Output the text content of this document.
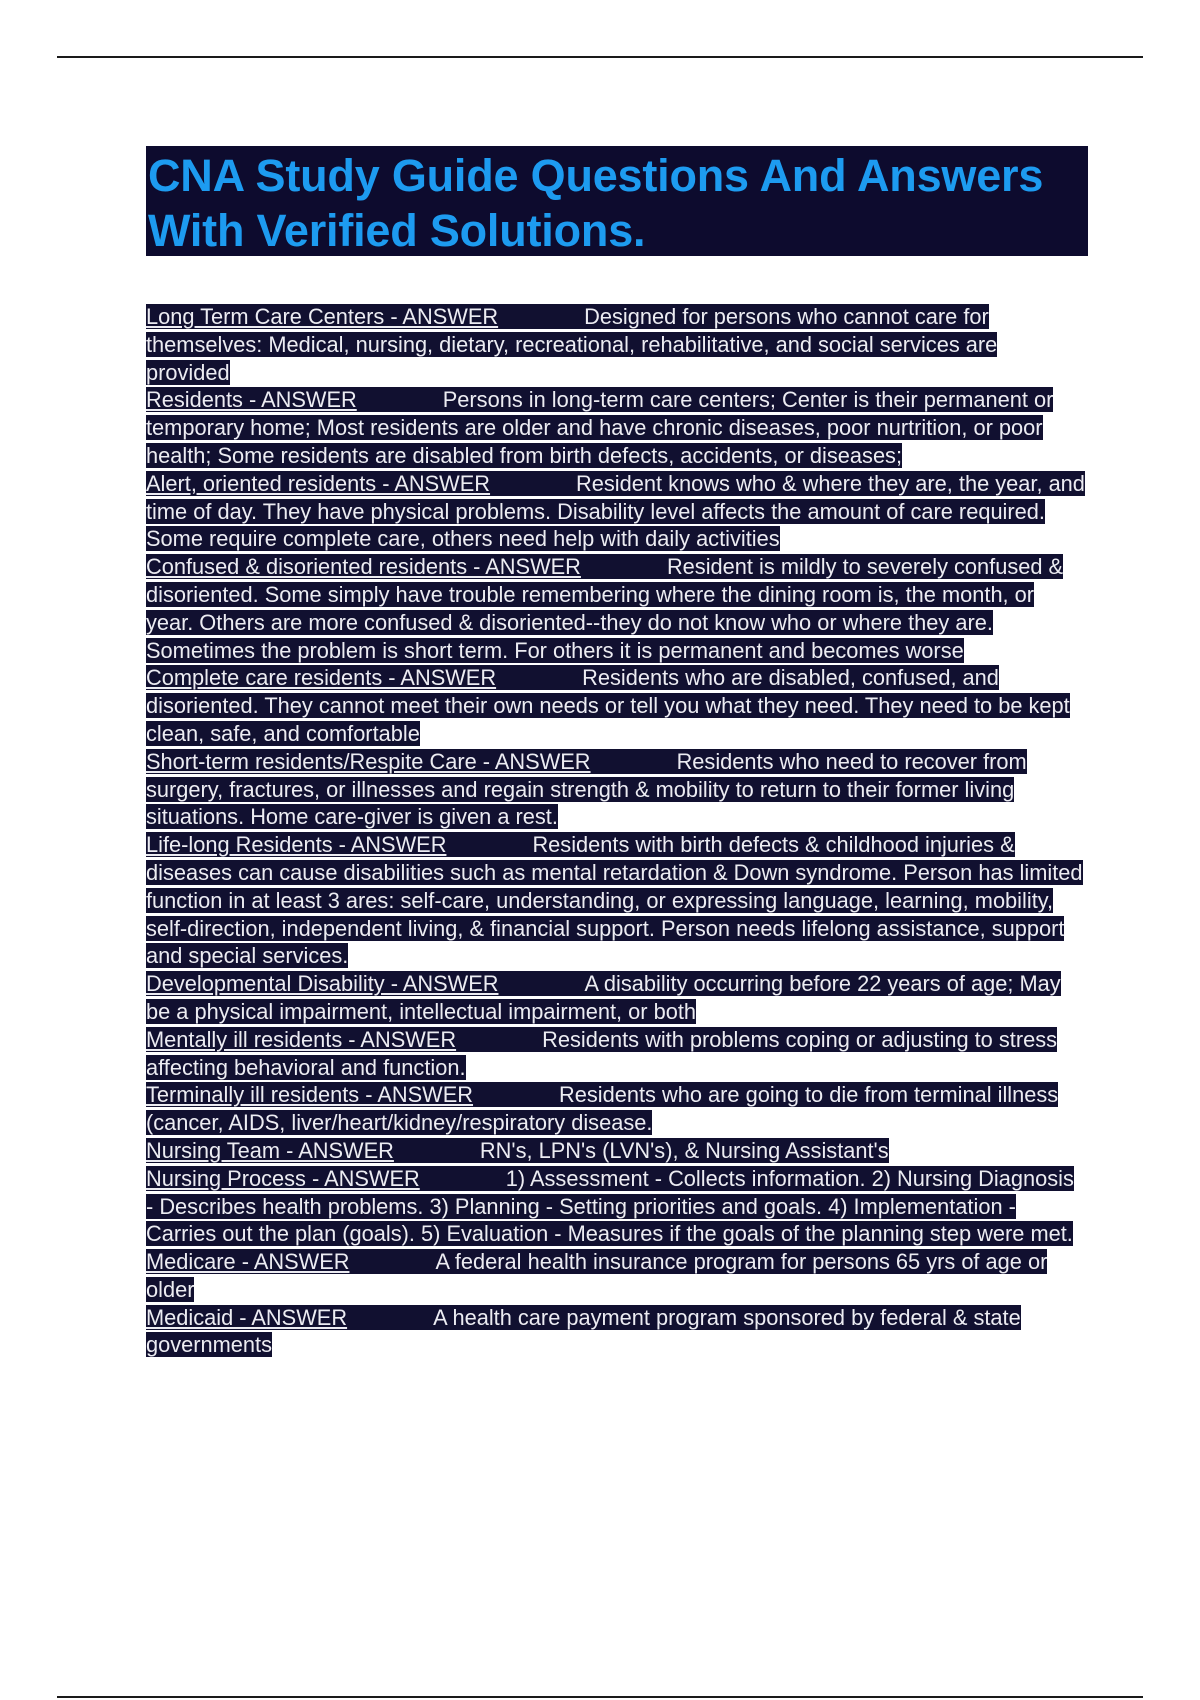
CNA Study Guide Questions And Answers With Verified Solutions.

Long Term Care Centers - ANSWER	Designed for persons who cannot care for themselves: Medical, nursing, dietary, recreational, rehabilitative, and social services are provided

Residents - ANSWER	Persons in long-term care centers; Center is their permanent or temporary home; Most residents are older and have chronic diseases, poor nurtrition, or poor health; Some residents are disabled from birth defects, accidents, or diseases;

Alert, oriented residents - ANSWER	Resident knows who & where they are, the year, and time of day. They have physical problems. Disability level affects the amount of care required. Some require complete care, others need help with daily activities

Confused & disoriented residents - ANSWER	Resident is mildly to severely confused & disoriented. Some simply have trouble remembering where the dining room is, the month, or year. Others are more confused & disoriented--they do not know who or where they are. Sometimes the problem is short term. For others it is permanent and becomes worse

Complete care residents - ANSWER	Residents who are disabled, confused, and disoriented. They cannot meet their own needs or tell you what they need. They need to be kept clean, safe, and comfortable

Short-term residents/Respite Care - ANSWER	Residents who need to recover from surgery, fractures, or illnesses and regain strength & mobility to return to their former living situations. Home care-giver is given a rest.

Life-long Residents - ANSWER	Residents with birth defects & childhood injuries & diseases can cause disabilities such as mental retardation & Down syndrome. Person has limited function in at least 3 ares: self-care, understanding, or expressing language, learning, mobility, self-direction, independent living, & financial support. Person needs lifelong assistance, support and special services.

Developmental Disability - ANSWER	A disability occurring before 22 years of age; May be a physical impairment, intellectual impairment, or both

Mentally ill residents - ANSWER	Residents with problems coping or adjusting to stress affecting behavioral and function.

Terminally ill residents - ANSWER	Residents who are going to die from terminal illness (cancer, AIDS, liver/heart/kidney/respiratory disease.

Nursing Team - ANSWER	RN's, LPN's (LVN's), & Nursing Assistant's

Nursing Process - ANSWER	1) Assessment - Collects information. 2) Nursing Diagnosis - Describes health problems. 3) Planning - Setting priorities and goals. 4) Implementation - Carries out the plan (goals). 5) Evaluation - Measures if the goals of the planning step were met.

Medicare - ANSWER	A federal health insurance program for persons 65 yrs of age or older

Medicaid - ANSWER	A health care payment program sponsored by federal & state governments
